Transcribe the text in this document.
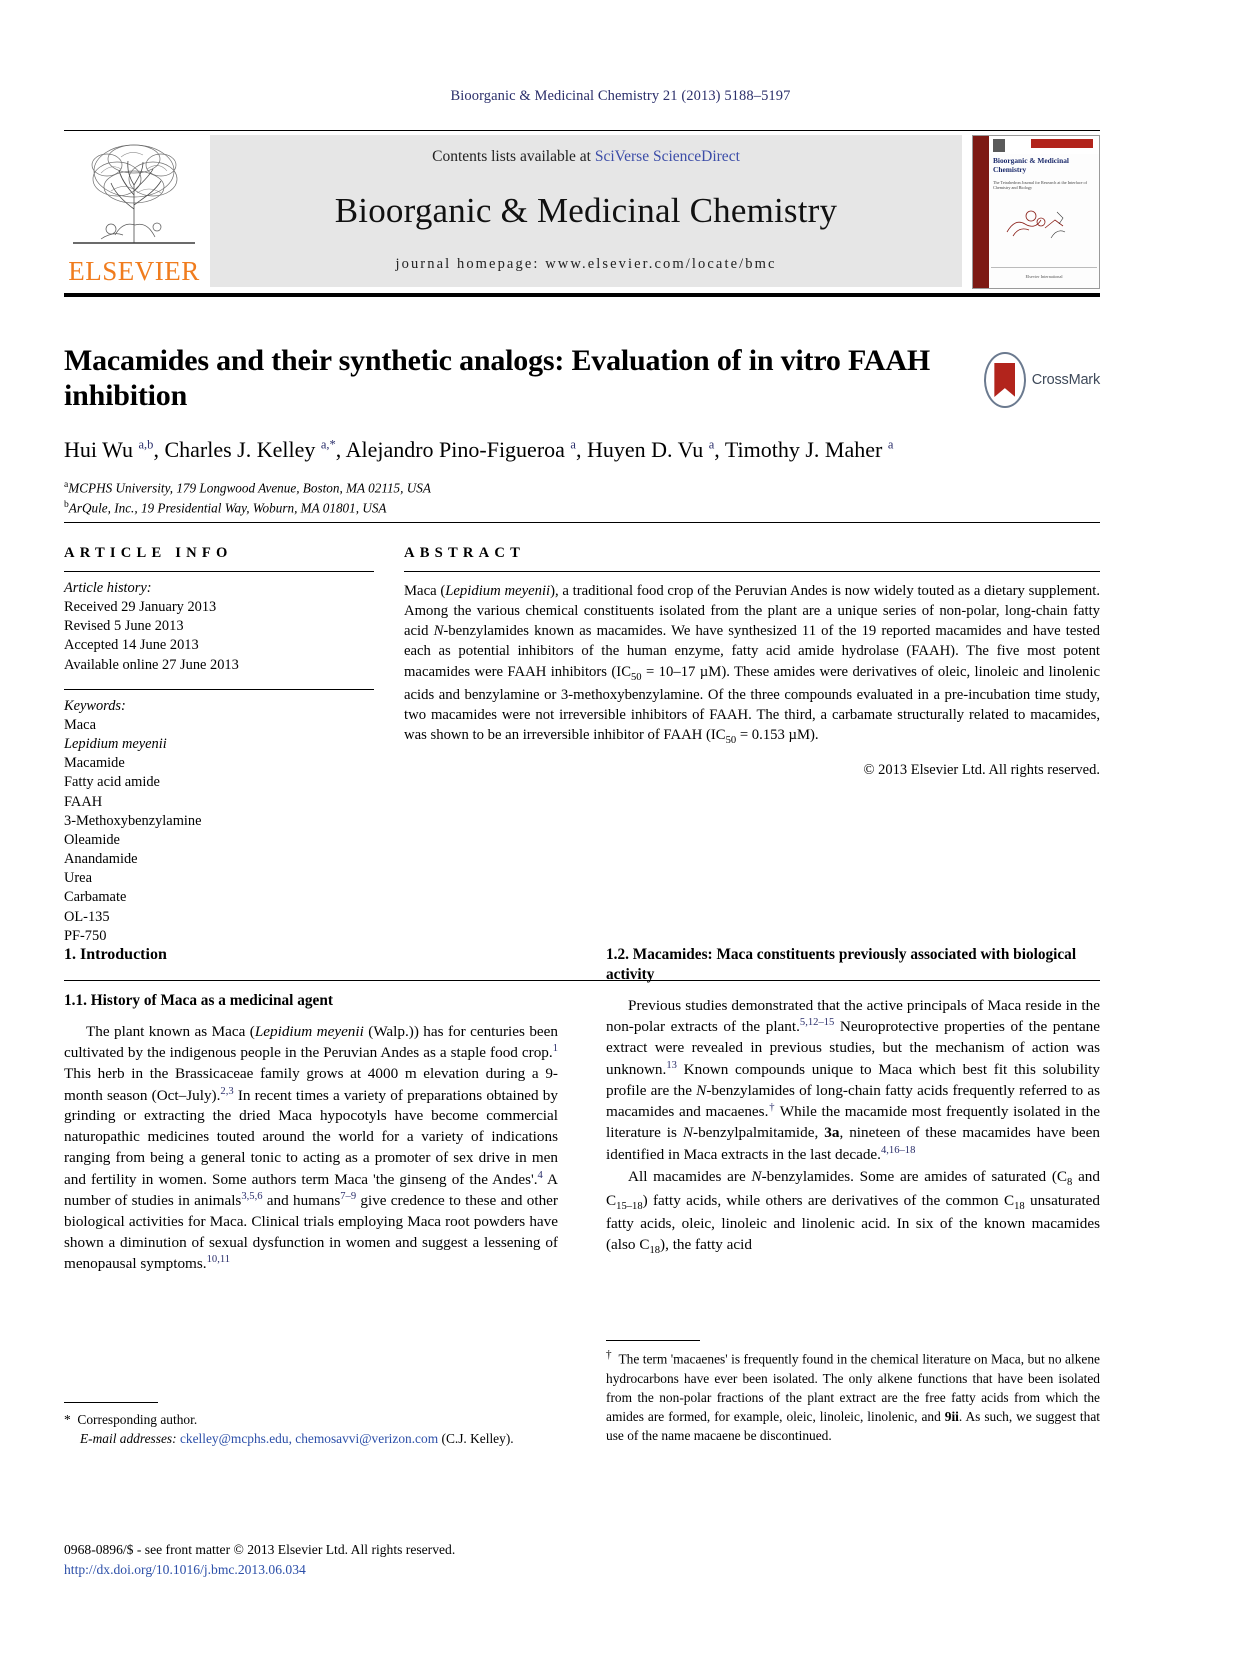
Bioorganic & Medicinal Chemistry 21 (2013) 5188–5197
ELSEVIER
Contents lists available at SciVerse ScienceDirect
Bioorganic & Medicinal Chemistry
journal homepage: www.elsevier.com/locate/bmc
Bioorganic & Medicinal Chemistry
The Tetrahedron Journal for Research at the Interface of Chemistry and Biology
Elsevier International
Macamides and their synthetic analogs: Evaluation of in vitro FAAH inhibition	CrossMark
Hui Wu $^{a,b}$, Charles J. Kelley $^{a,*}$, Alejandro Pino-Figueroa $^a$, Huyen D. Vu $^a$, Timothy J. Maher $^a$
$^a$MCPHS University, 179 Longwood Avenue, Boston, MA 02115, USA
$^b$ArQule, Inc., 19 Presidential Way, Woburn, MA 01801, USA
ARTICLE INFO
Article history:
Received 29 January 2013
Revised 5 June 2013
Accepted 14 June 2013
Available online 27 June 2013
Keywords:
Maca
Lepidium meyenii
Macamide
Fatty acid amide
FAAH
3-Methoxybenzylamine
Oleamide
Anandamide
Urea
Carbamate
OL-135
PF-750
ABSTRACT
Maca (Lepidium meyenii), a traditional food crop of the Peruvian Andes is now widely touted as a dietary supplement. Among the various chemical constituents isolated from the plant are a unique series of non-polar, long-chain fatty acid N-benzylamides known as macamides. We have synthesized 11 of the 19 reported macamides and have tested each as potential inhibitors of the human enzyme, fatty acid amide hydrolase (FAAH). The five most potent macamides were FAAH inhibitors ($IC_{50} = 10-17$ µM). These amides were derivatives of oleic, linoleic and linolenic acids and benzylamine or 3-methoxybenzylamine. Of the three compounds evaluated in a pre-incubation time study, two macamides were not irreversible inhibitors of FAAH. The third, a carbamate structurally related to macamides, was shown to be an irreversible inhibitor of FAAH ($IC_{50} = 0.153$ µM).
© 2013 Elsevier Ltd. All rights reserved.
1. Introduction
1.1. History of Maca as a medicinal agent

The plant known as Maca (Lepidium meyenii (Walp.)) has for centuries been cultivated by the indigenous people in the Peruvian Andes as a staple food crop.$^1$ This herb in the Brassicaceae family grows at 4000 m elevation during a 9-month season (Oct–July).$^{2,3}$ In recent times a variety of preparations obtained by grinding or extracting the dried Maca hypocotyls have become commercial naturopathic medicines touted around the world for a variety of indications ranging from being a general tonic to acting as a promoter of sex drive in men and fertility in women. Some authors term Maca 'the ginseng of the Andes'.$^4$ A number of studies in animals$^{3,5,6}$ and humans$^{7-9}$ give credence to these and other biological activities for Maca. Clinical trials employing Maca root powders have shown a diminution of sexual dysfunction in women and suggest a lessening of menopausal symptoms.$^{10,11}$

1.2. Macamides: Maca constituents previously associated with biological activity

Previous studies demonstrated that the active principals of Maca reside in the non-polar extracts of the plant.$^{5,12-15}$ Neuroprotective properties of the pentane extract were revealed in previous studies, but the mechanism of action was unknown.$^{13}$ Known compounds unique to Maca which best fit this solubility profile are the N-benzylamides of long-chain fatty acids frequently referred to as macamides and macaenes.† While the macamide most frequently isolated in the literature is N-benzylpalmitamide, 3a, nineteen of these macamides have been identified in Maca extracts in the last decade.$^{4,16-18}$

All macamides are N-benzylamides. Some are amides of saturated ($C_8$ and $C_{15-18}$) fatty acids, while others are derivatives of the common $C_{18}$ unsaturated fatty acids, oleic, linoleic and linolenic acid. In six of the known macamides (also $C_{18}$), the fatty acid

†  The term 'macaenes' is frequently found in the chemical literature on Maca, but no alkene hydrocarbons have ever been isolated. The only alkene functions that have been isolated from the non-polar fractions of the plant extract are the free fatty acids from which the amides are formed, for example, oleic, linoleic, linolenic, and 9ii. As such, we suggest that use of the name macaene be discontinued.
* Corresponding author.
E-mail addresses: ckelley@mcphs.edu, chemosavvi@verizon.com (C.J. Kelley).
0968-0896/$ - see front matter © 2013 Elsevier Ltd. All rights reserved.
http://dx.doi.org/10.1016/j.bmc.2013.06.034
